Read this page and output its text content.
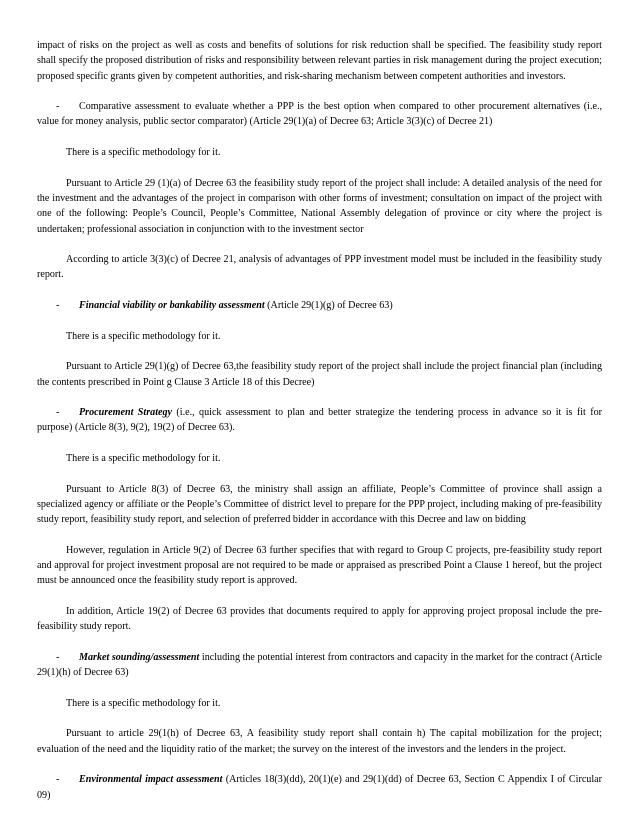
impact of risks on the project as well as costs and benefits of solutions for risk reduction shall be specified. The feasibility study report shall specify the proposed distribution of risks and responsibility between relevant parties in risk management during the project execution; proposed specific grants given by competent authorities, and risk-sharing mechanism between competent authorities and investors.

- Comparative assessment to evaluate whether a PPP is the best option when compared to other procurement alternatives (i.e., value for money analysis, public sector comparator) (Article 29(1)(a) of Decree 63; Article 3(3)(c) of Decree 21)

There is a specific methodology for it.

Pursuant to Article 29 (1)(a) of Decree 63 the feasibility study report of the project shall include: A detailed analysis of the need for the investment and the advantages of the project in comparison with other forms of investment; consultation on impact of the project with one of the following: People’s Council, People’s Committee, National Assembly delegation of province or city where the project is undertaken; professional association in conjunction with to the investment sector

According to article 3(3)(c) of Decree 21, analysis of advantages of PPP investment model must be included in the feasibility study report.

- Financial viability or bankability assessment (Article 29(1)(g) of Decree 63)

There is a specific methodology for it.

Pursuant to Article 29(1)(g) of Decree 63,the feasibility study report of the project shall include the project financial plan (including the contents prescribed in Point g Clause 3 Article 18 of this Decree)

- Procurement Strategy (i.e., quick assessment to plan and better strategize the tendering process in advance so it is fit for purpose) (Article 8(3), 9(2), 19(2) of Decree 63).

There is a specific methodology for it.

Pursuant to Article 8(3) of Decree 63, the ministry shall assign an affiliate, People’s Committee of province shall assign a specialized agency or affiliate or the People’s Committee of district level to prepare for the PPP project, including making of pre-feasibility study report, feasibility study report, and selection of preferred bidder in accordance with this Decree and law on bidding

However, regulation in Article 9(2) of Decree 63 further specifies that with regard to Group C projects, pre-feasibility study report and approval for project investment proposal are not required to be made or appraised as prescribed Point a Clause 1 hereof, but the project must be announced once the feasibility study report is approved.

In addition, Article 19(2) of Decree 63 provides that documents required to apply for approving project proposal include the pre-feasibility study report.

- Market sounding/assessment including the potential interest from contractors and capacity in the market for the contract (Article 29(1)(h) of Decree 63)

There is a specific methodology for it.

Pursuant to article 29(1(h) of Decree 63, A feasibility study report shall contain h) The capital mobilization for the project; evaluation of the need and the liquidity ratio of the market; the survey on the interest of the investors and the lenders in the project.

- Environmental impact assessment (Articles 18(3)(dd), 20(1)(e) and 29(1)(dd) of Decree 63, Section C Appendix I of Circular 09)
